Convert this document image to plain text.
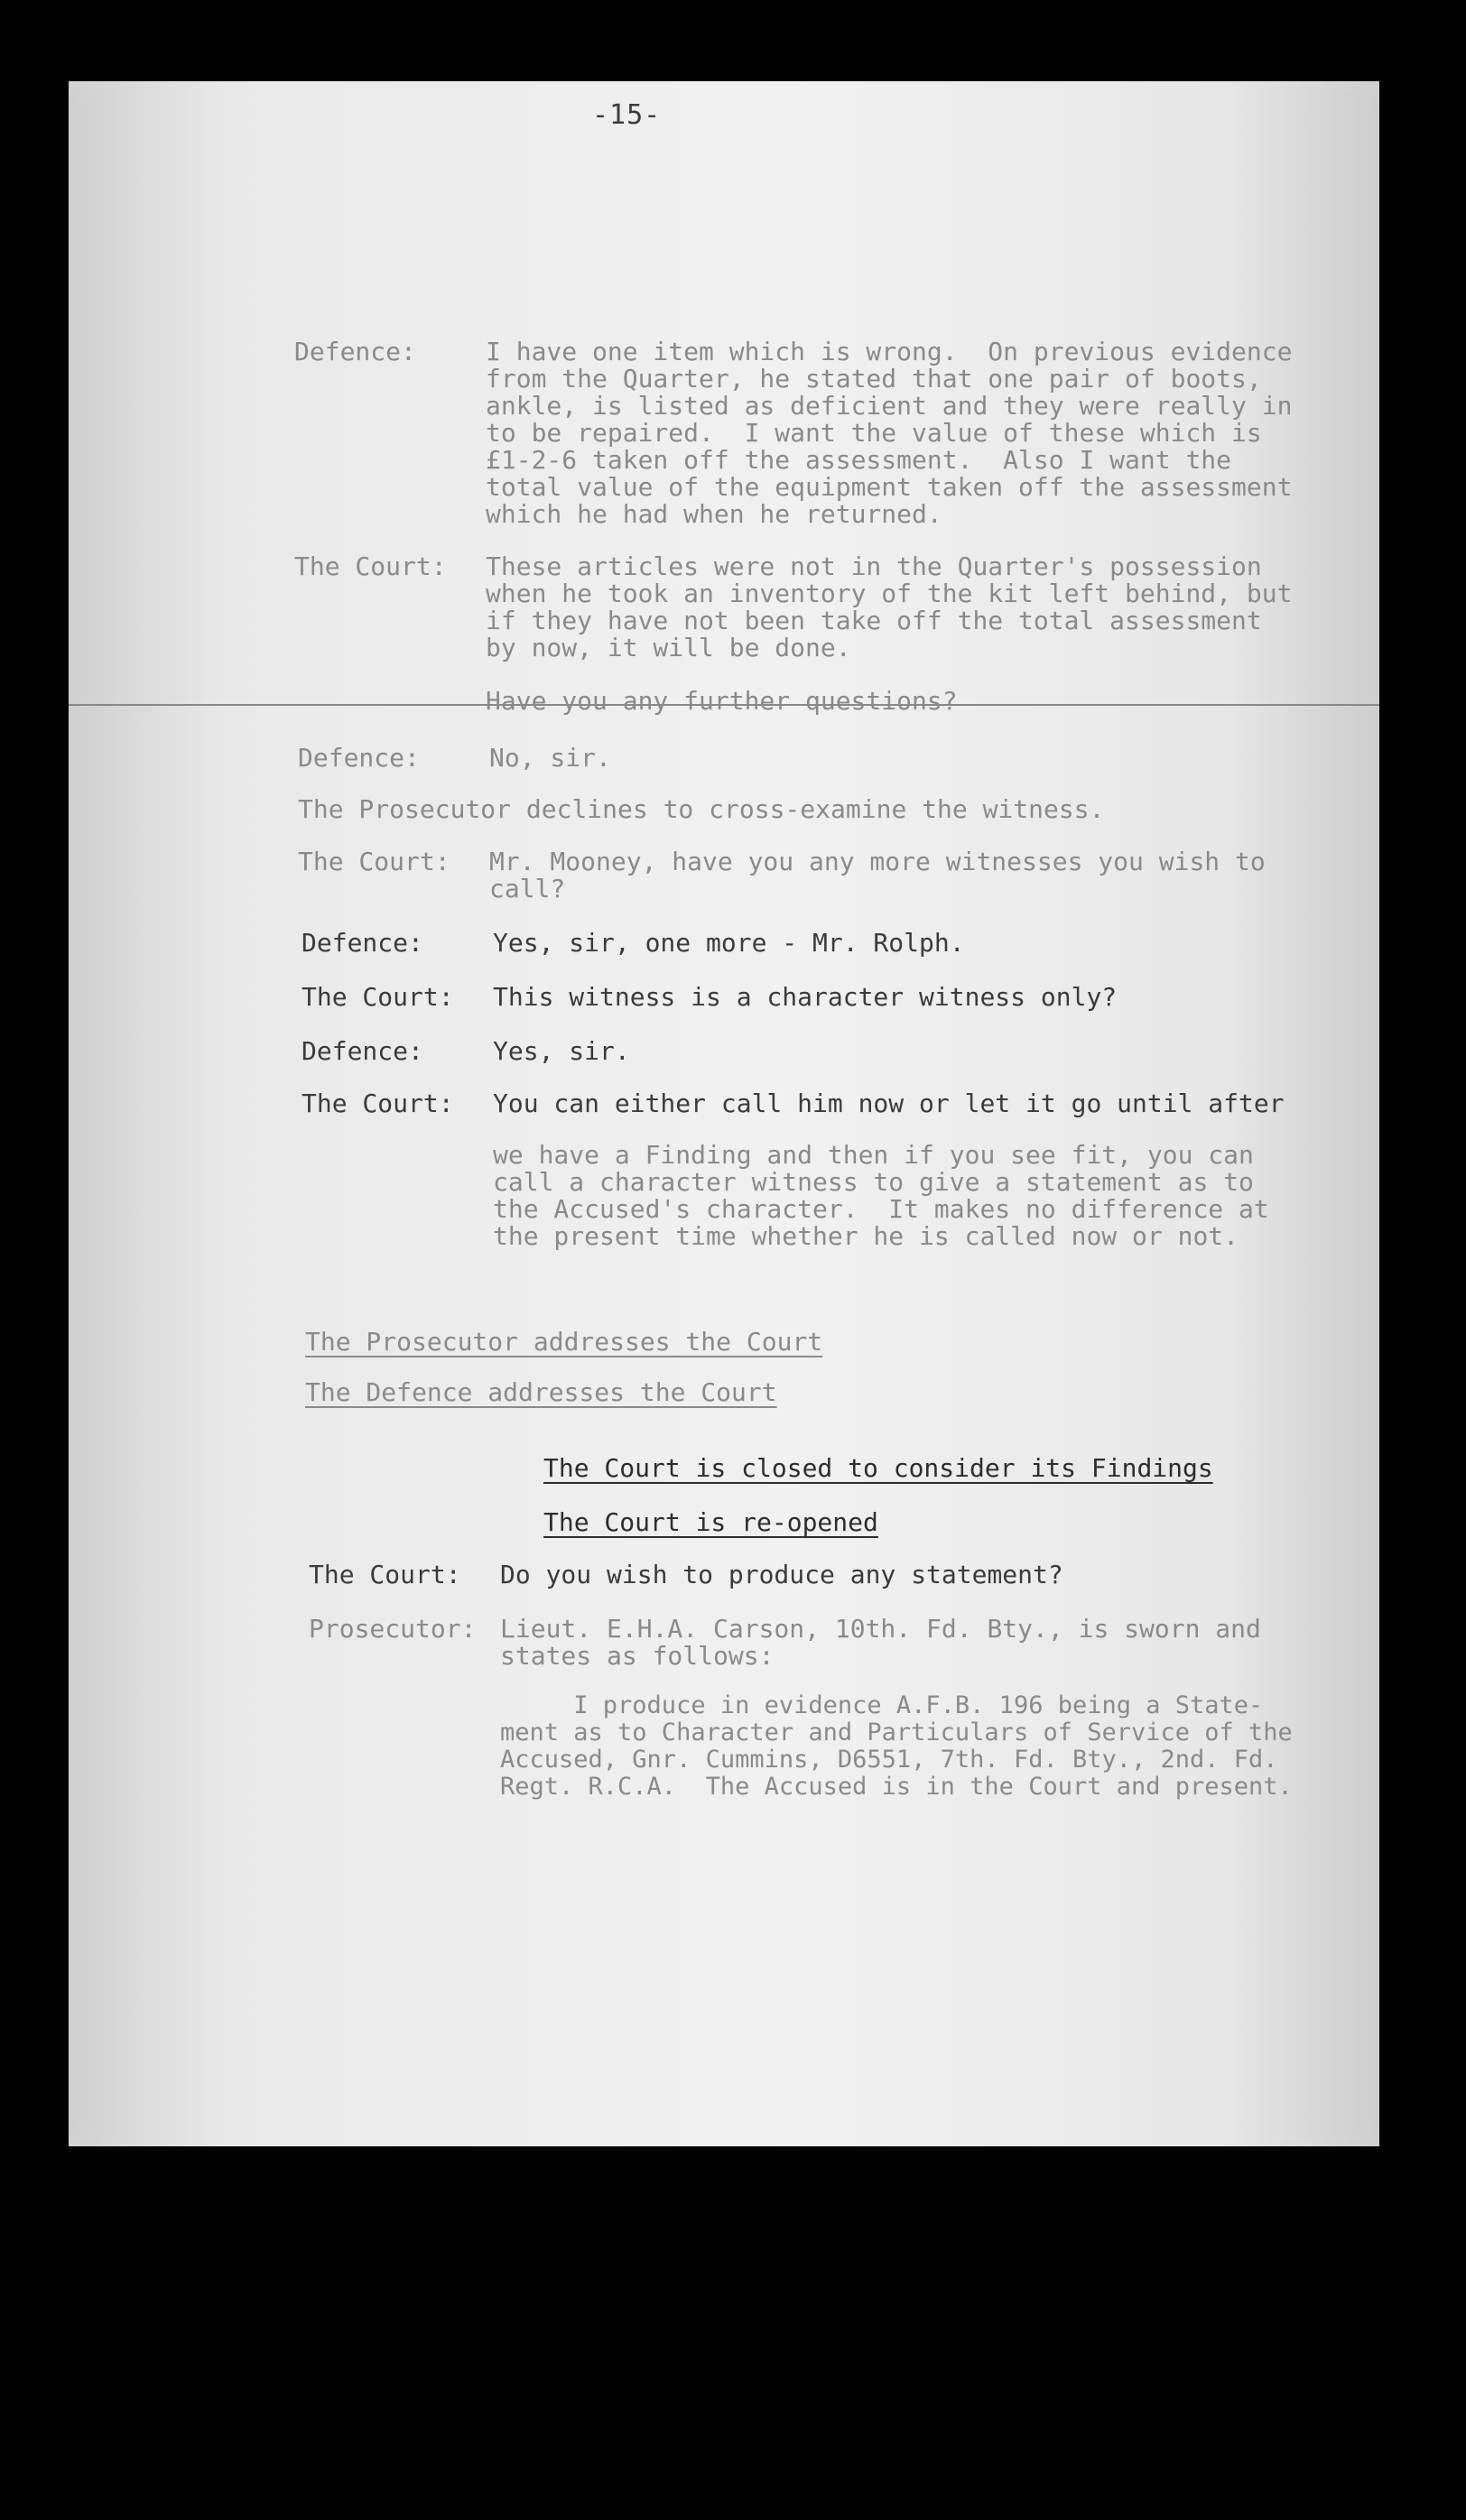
-15-
Defence:	I have one item which is wrong.  On previous evidence
from the Quarter, he stated that one pair of boots,
ankle, is listed as deficient and they were really in
to be repaired.  I want the value of these which is
£1-2-6 taken off the assessment.  Also I want the
total value of the equipment taken off the assessment
which he had when he returned.
The Court: These articles were not in the Quarter's possession
when he took an inventory of the kit left behind, but
if they have not been take off the total assessment
by now, it will be done.
Have you any further questions?
Defence:	No, sir.
The Prosecutor declines to cross-examine the witness.
The Court: Mr. Mooney, have you any more witnesses you wish to
call?
Defence:	Yes, sir, one more - Mr. Rolph.
The Court: This witness is a character witness only?
Defence:	Yes, sir.
The Court: You can either call him now or let it go until after
we have a Finding and then if you see fit, you can
call a character witness to give a statement as to
the Accused's character.  It makes no difference at
the present time whether he is called now or not.
The Prosecutor addresses the Court
The Defence addresses the Court
The Court is closed to consider its Findings
The Court is re-opened
The Court: Do you wish to produce any statement?
Prosecutor: Lieut. E.H.A. Carson, 10th. Fd. Bty., is sworn and
states as follows:
I produce in evidence A.F.B. 196 being a State-
ment as to Character and Particulars of Service of the
Accused, Gnr. Cummins, D6551, 7th. Fd. Bty., 2nd. Fd.
Regt. R.C.A.  The Accused is in the Court and present.
